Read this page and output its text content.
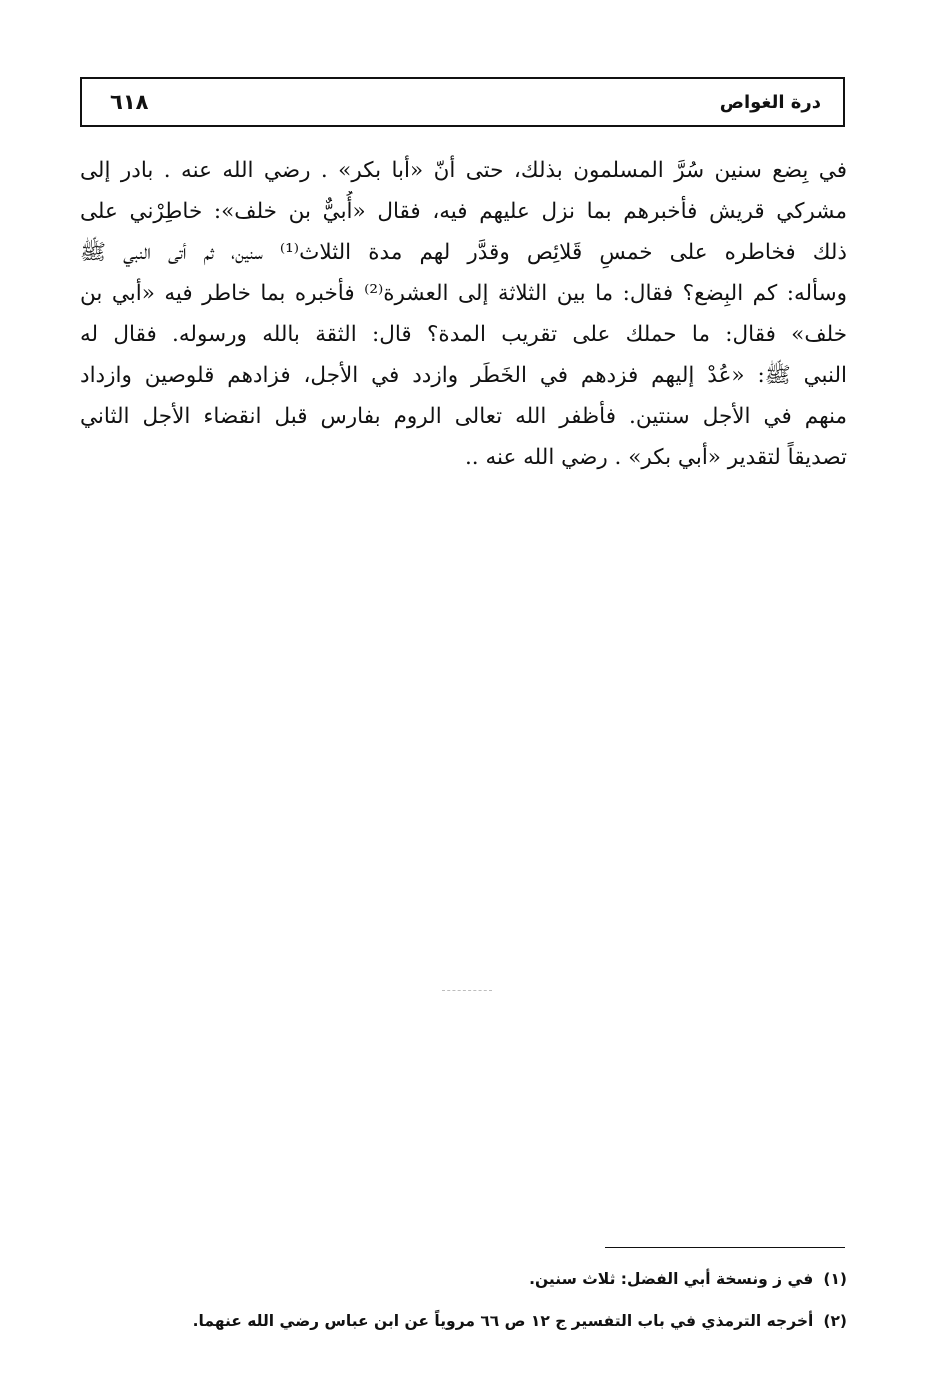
٦١٨	درة الغواص
في بِضع سنين سُرَّ المسلمون بذلك، حتى أنّ «أبا بكر» . رضي الله عنه . بادر إلى
مشركي قريش فأخبرهم بما نزل عليهم فيه، فقال «أُبيٌّ بن خلف»: خاطِرْني على
ذلك فخاطره على خمسِ قَلائِص وقدَّر لهم مدة الثلاث⁽¹⁾ سنين، ثم أتى النبي ﷺ
وسأله: كم البِضع؟ فقال: ما بين الثلاثة إلى العشرة⁽²⁾ فأخبره بما خاطر فيه «أبي بن
خلف» فقال: ما حملك على تقريب المدة؟ قال: الثقة بالله ورسوله. فقال له
النبي ﷺ: «عُدْ إليهم فزدهم في الخَطَر وازدد في الأجل، فزادهم قلوصين وازداد
منهم في الأجل سنتين. فأظفر الله تعالى الروم بفارس قبل انقضاء الأجل الثاني
تصديقاً لتقدير «أبي بكر» . رضي الله عنه ..
(١)في ز ونسخة أبي الفضل: ثلاث سنين.
(٢)أخرجه الترمذي في باب التفسير ج ١٢ ص ٦٦ مروياً عن ابن عباس رضي الله عنهما.
